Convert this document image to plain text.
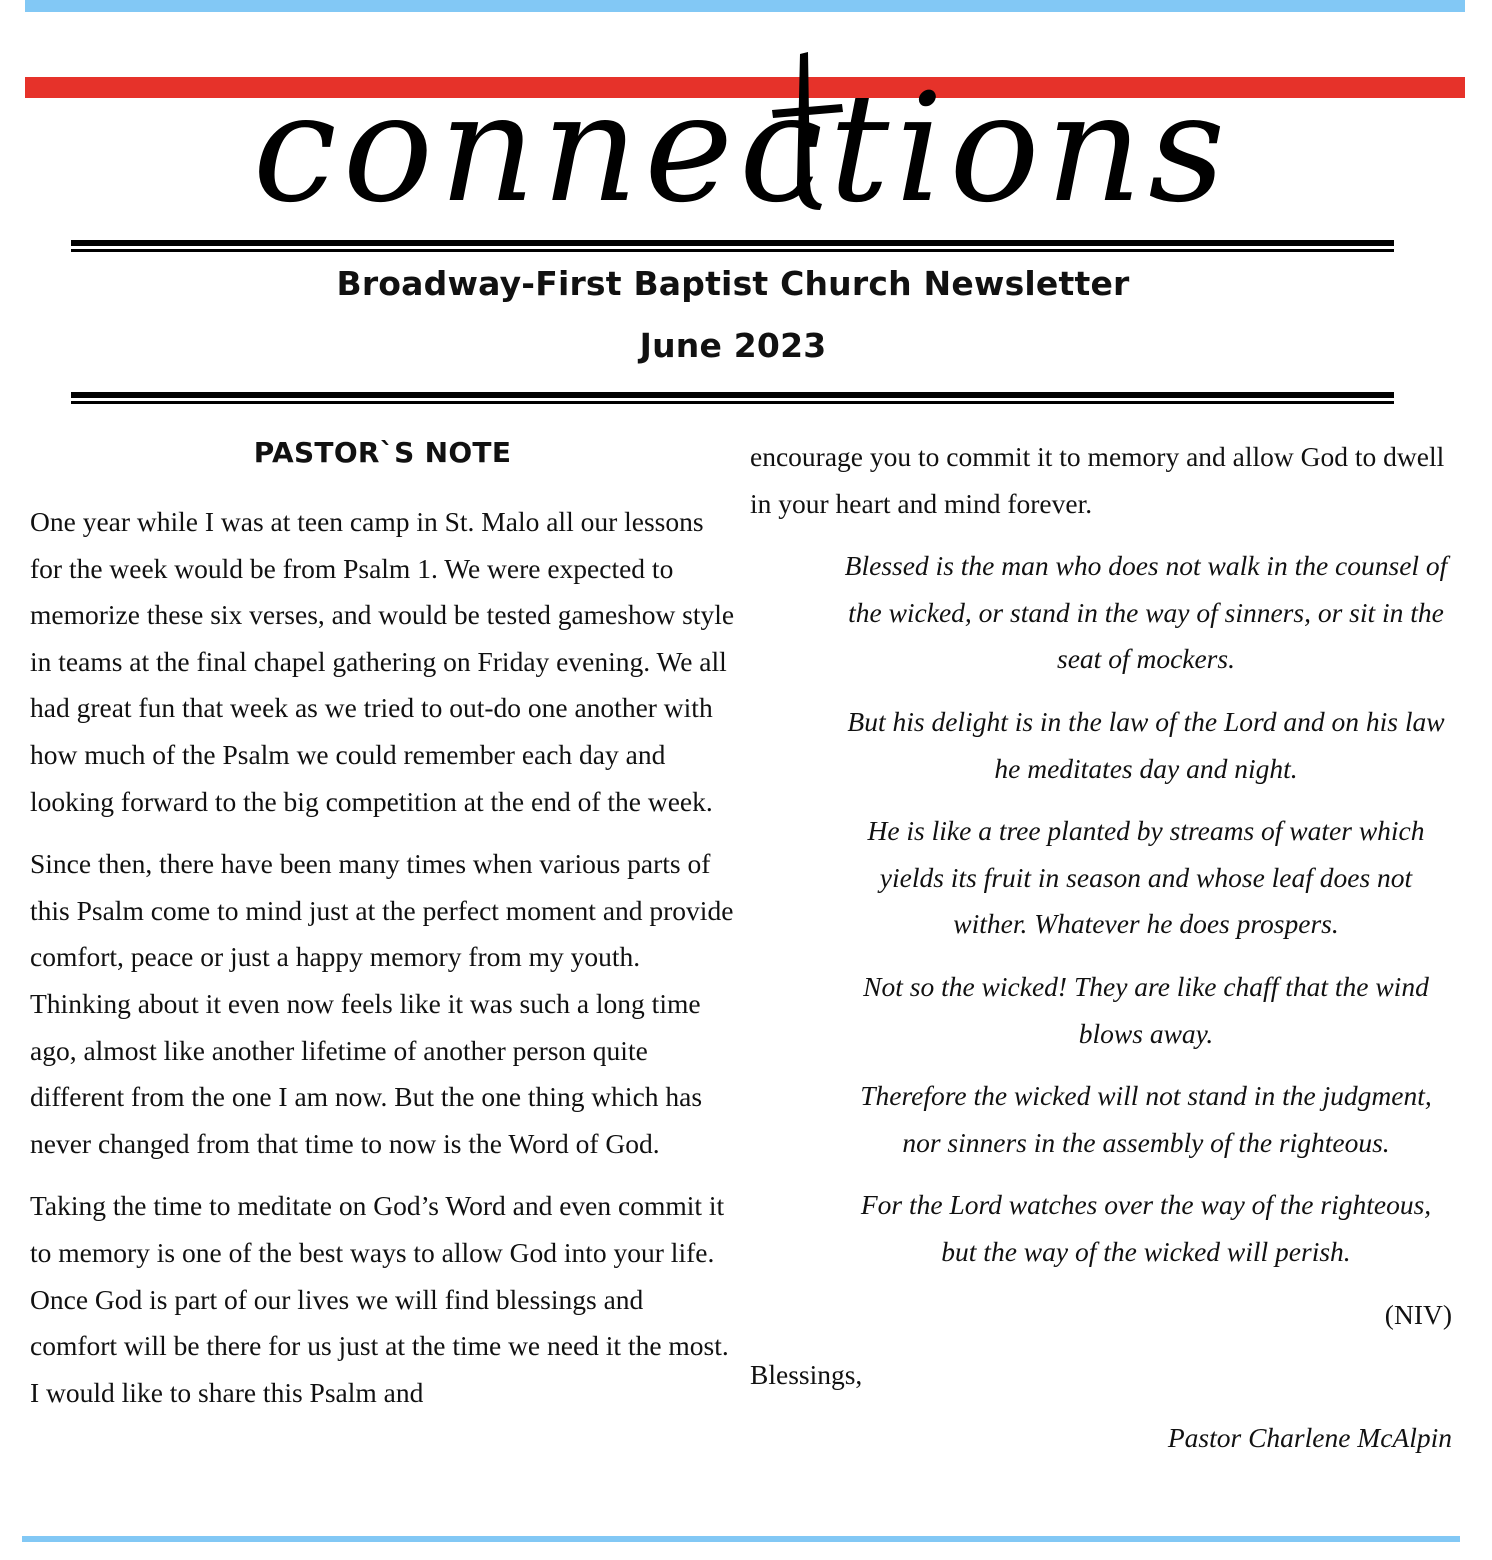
connections
Broadway-First Baptist Church Newsletter
June 2023
PASTOR`S NOTE

One year while I was at teen camp in St. Malo all our lessons for the week would be from Psalm 1. We were expected to memorize these six verses, and would be tested gameshow style in teams at the final chapel gathering on Friday evening. We all had great fun that week as we tried to out-do one another with how much of the Psalm we could remember each day and looking forward to the big competition at the end of the week.

Since then, there have been many times when various parts of this Psalm come to mind just at the perfect moment and provide comfort, peace or just a happy memory from my youth. Thinking about it even now feels like it was such a long time ago, almost like another lifetime of another person quite different from the one I am now. But the one thing which has never changed from that time to now is the Word of God.

Taking the time to meditate on God’s Word and even commit it to memory is one of the best ways to allow God into your life. Once God is part of our lives we will find blessings and comfort will be there for us just at the time we need it the most. I would like to share this Psalm and

encourage you to commit it to memory and allow God to dwell in your heart and mind forever.

Blessed is the man who does not walk in the counsel of the wicked, or stand in the way of sinners, or sit in the seat of mockers.

But his delight is in the law of the Lord and on his law he meditates day and night.

He is like a tree planted by streams of water which yields its fruit in season and whose leaf does not wither. Whatever he does prospers.

Not so the wicked! They are like chaff that the wind blows away.

Therefore the wicked will not stand in the judgment, nor sinners in the assembly of the righteous.

For the Lord watches over the way of the righteous, but the way of the wicked will perish.

(NIV)

Blessings,

Pastor Charlene McAlpin
